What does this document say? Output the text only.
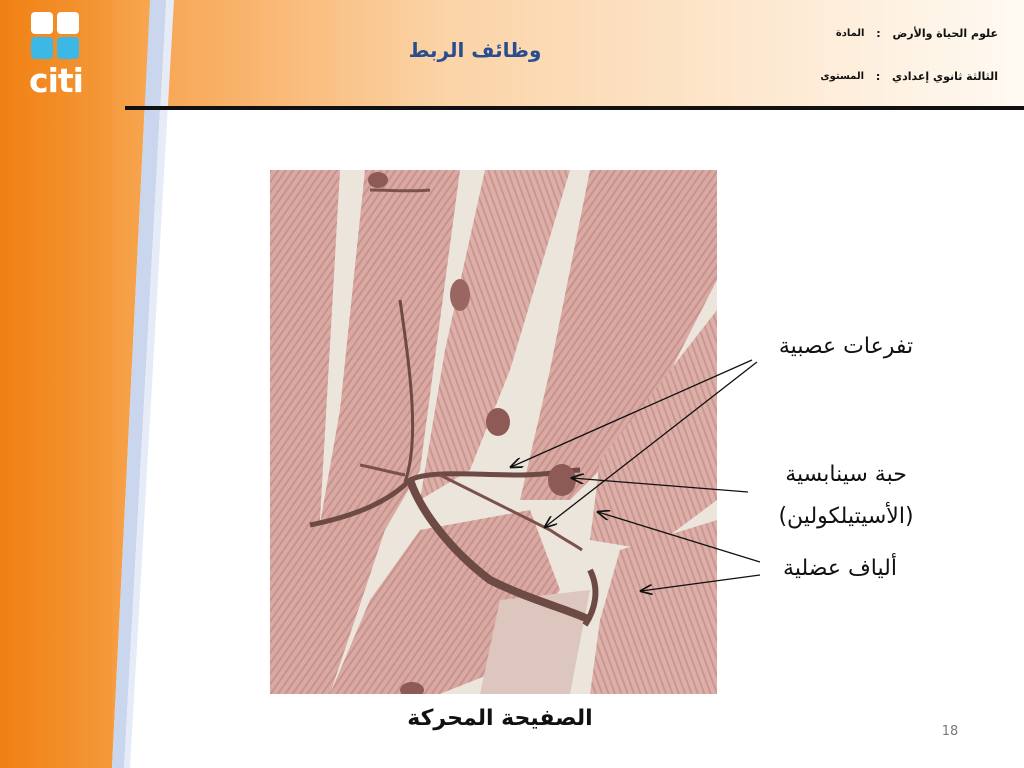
citi
وظائف الربط
المادة	:	علوم الحياة والأرض
المستوى	:	الثالثة ثانوي إعدادي
تفرعات عصبية
حبة سينابسية
(الأسيتيلكولين)
ألياف عضلية
الصفيحة المحركة
18
